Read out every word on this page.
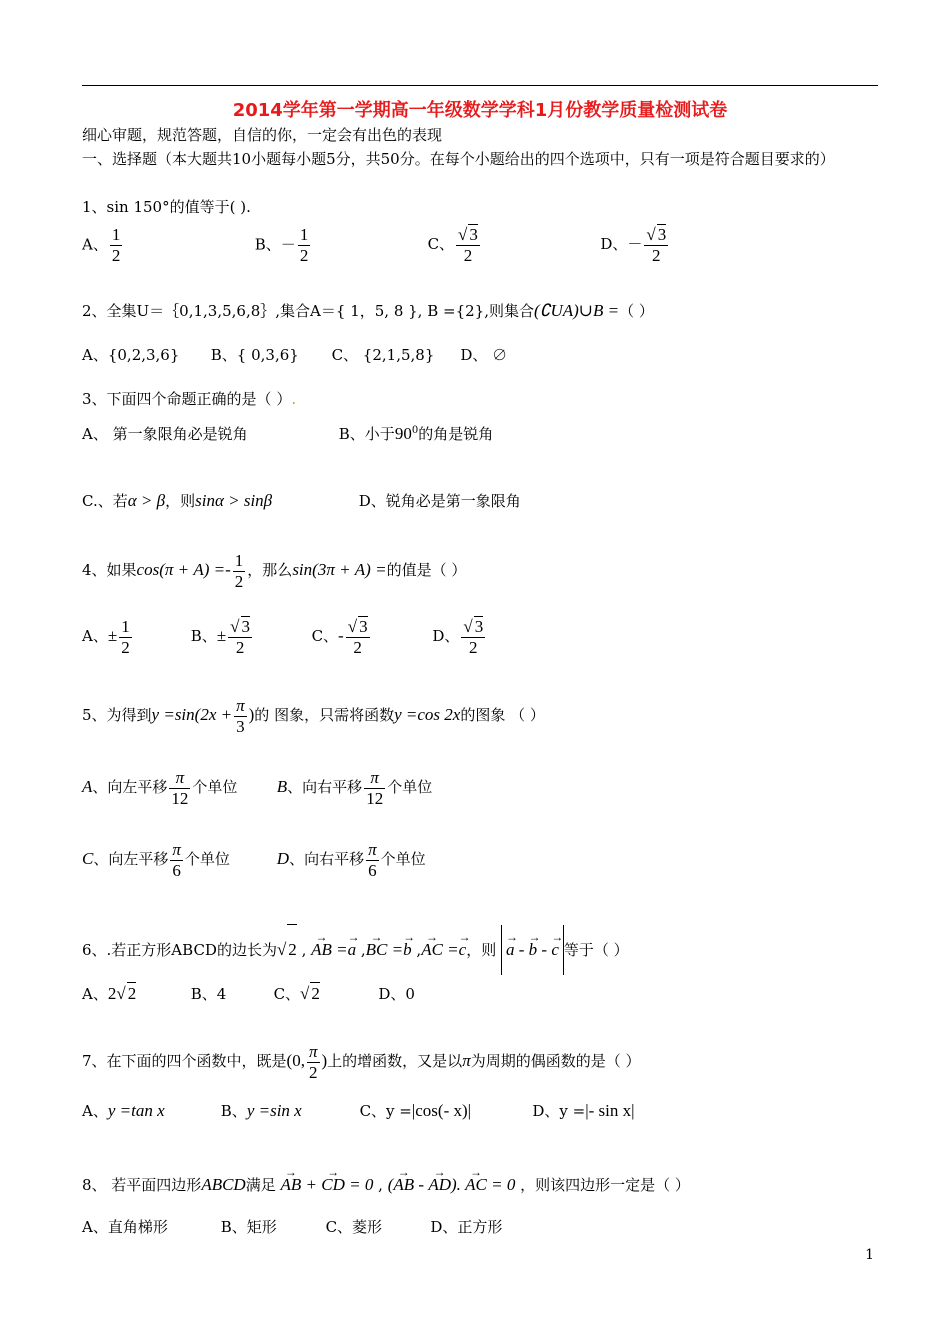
2014学年第一学期高一年级数学学科1月份教学质量检测试卷
细心审题，规范答题，自信的你，一定会有出色的表现
一、选择题（本大题共10小题每小题5分，共50分。在每个小题给出的四个选项中，只有一项是符合题目要求的）
1、sin 150°的值等于( ).
A、 $\frac{1}{2}$	B、－ $\frac{1}{2}$	C、 $\frac{√ 3}{2}$	D、－ $\frac{√ 3}{2}$
2、全集U＝｛0,1,3,5,6,8｝,集合A＝{ 1，5, 8 }, B ={2},则集合(∁UA)∪B =（ ）
A、{0,2,3,6} B、{ 0,3,6} C、 {2,1,5,8} D、 ∅
3、下面四个命题正确的是（ ）.
A、 第一象限角必是锐角	B、小于$90^0$的角是锐角
C.、若α > β，则sinα > sinβ	D、锐角必是第一象限角
4、如果$\cos(\pi + A) =- \frac{1}{2}$ ，那么sin(3π + A) =的值是（ ）
A、± $\frac{1}{2}$	B、± $\frac{√ 3}{2}$	C、- $\frac{√ 3}{2}$	D、 $\frac{√ 3}{2}$
5、为得到$y =\sin(2x + \frac{\pi}{3}$ )的 图象，只需将函数y =cos 2x的图象 （ ）
A、向左平移 $\frac{\pi}{12}$ 个单位 B、向右平移 $\frac{\pi}{12}$ 个单位
C、向左平移 $\frac{\pi}{6}$ 个单位	D、向右平移 $\frac{\pi}{6}$ 个单位
6、.若正方形ABCD的边长为√ 2 , → AB =→ a ,→ BC =→ b ,→ AC =→ c，则 → a - → b - → c 等于（ ）
A、2√ 2	B、4	C、√ 2	D、0
7、在下面的四个函数中，既是(0, $\frac{\pi}{2}$ )上的增函数，又是以π为周期的偶函数的是（ ）
A、y =tan x	B、y =sin x	C、y =|cos(- x)|	D、y =|- sin x|
8、 若平面四边形ABCD满足 → AB + → CD = 0 , (→ AB - → AD). → AC = 0 ，则该四边形一定是（ ）
A、直角梯形	B、矩形	C、菱形	D、正方形
1
